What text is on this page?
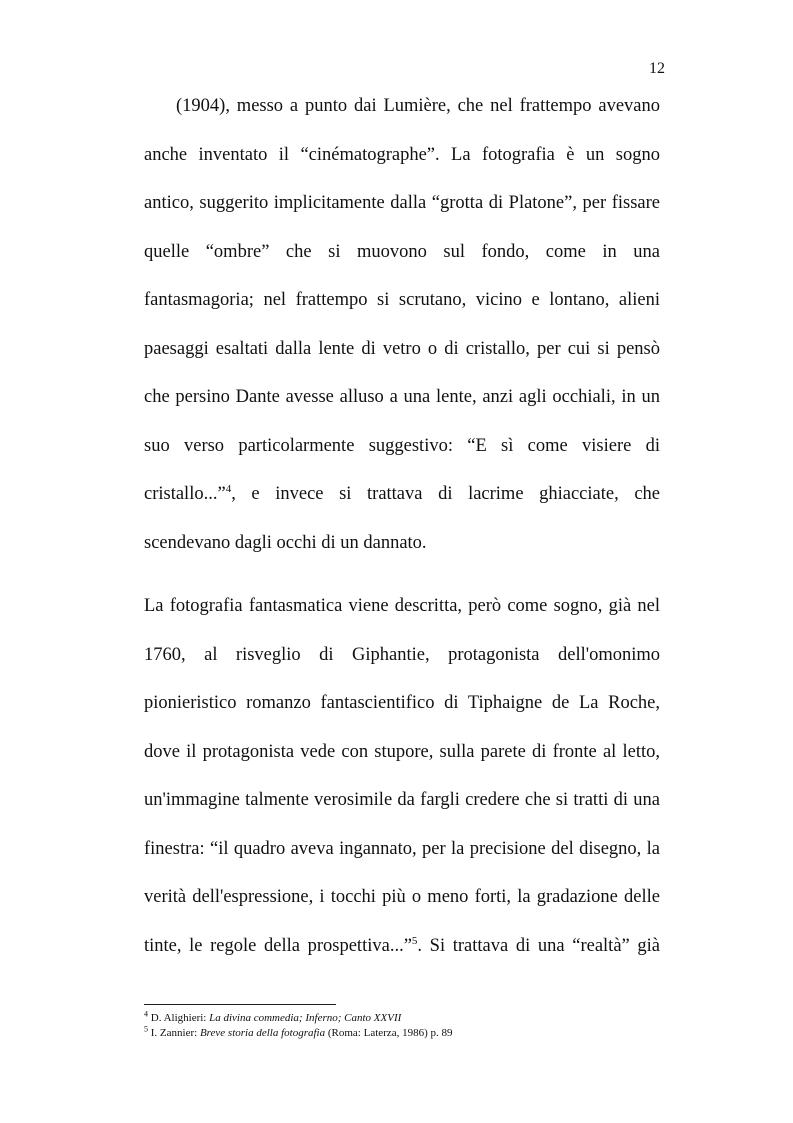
12
(1904), messo a punto dai Lumière, che nel frattempo avevano
anche inventato il “cinématographe”. La fotografia è un sogno
antico, suggerito implicitamente dalla “grotta di Platone”, per fissare
quelle “ombre” che si muovono sul fondo, come in una
fantasmagoria; nel frattempo si scrutano, vicino e lontano, alieni
paesaggi esaltati dalla lente di vetro o di cristallo, per cui si pensò
che persino Dante avesse alluso a una lente, anzi agli occhiali, in un
suo verso particolarmente suggestivo: “E sì come visiere di
cristallo...”$^4$, e invece si trattava di lacrime ghiacciate, che
scendevano dagli occhi di un dannato.
La fotografia fantasmatica viene descritta, però come sogno, già nel
1760, al risveglio di Giphantie, protagonista dell'omonimo
pionieristico romanzo fantascientifico di Tiphaigne de La Roche,
dove il protagonista vede con stupore, sulla parete di fronte al letto,
un'immagine talmente verosimile da fargli credere che si tratti di una
finestra: “il quadro aveva ingannato, per la precisione del disegno, la
verità dell'espressione, i tocchi più o meno forti, la gradazione delle
tinte, le regole della prospettiva...”$^5$. Si trattava di una “realtà” già
$^4$ D. Alighieri: La divina commedia; Inferno; Canto XXVII
$^5$ I. Zannier: Breve storia della fotografia (Roma: Laterza, 1986) p. 89
